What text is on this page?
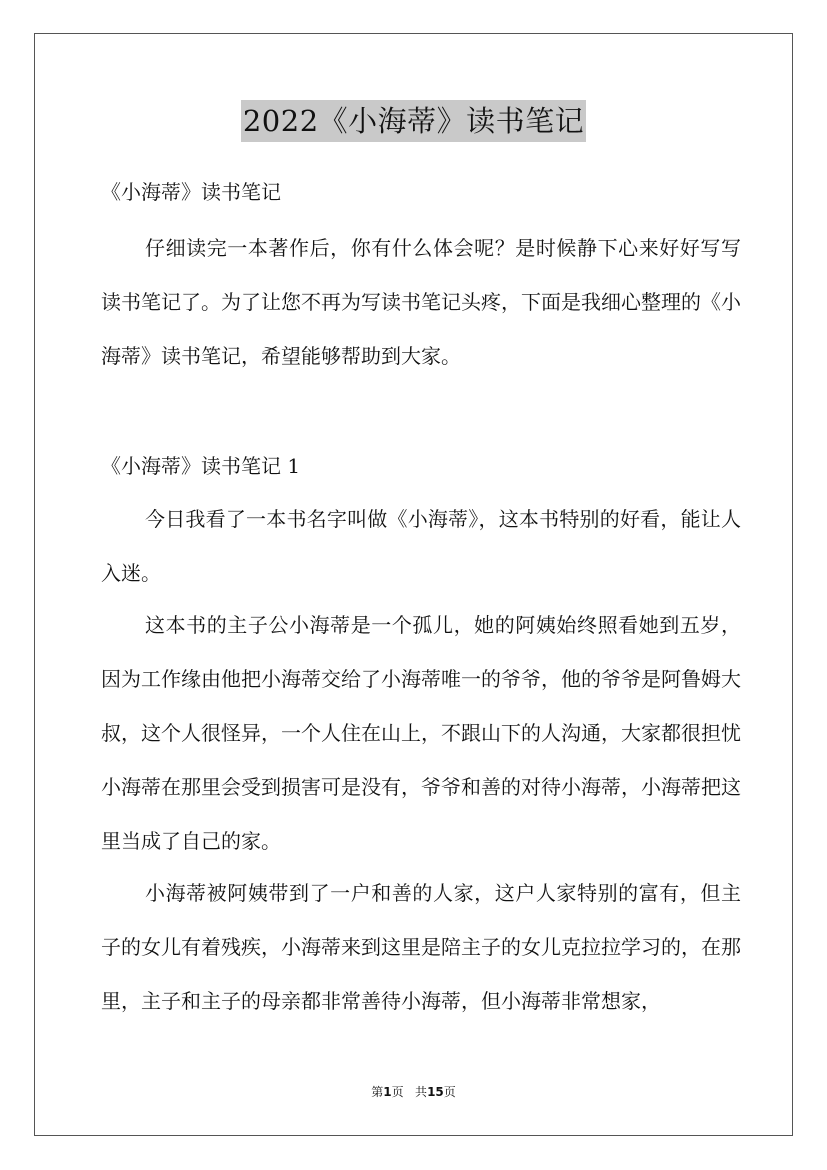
2022《小海蒂》读书笔记

《小海蒂》读书笔记

仔细读完一本著作后，你有什么体会呢？是时候静下心来好好写写读书笔记了。为了让您不再为写读书笔记头疼，下面是我细心整理的《小海蒂》读书笔记，希望能够帮助到大家。

《小海蒂》读书笔记 1

今日我看了一本书名字叫做《小海蒂》，这本书特别的好看，能让人入迷。

这本书的主子公小海蒂是一个孤儿，她的阿姨始终照看她到五岁，因为工作缘由他把小海蒂交给了小海蒂唯一的爷爷，他的爷爷是阿鲁姆大叔，这个人很怪异，一个人住在山上，不跟山下的人沟通，大家都很担忧小海蒂在那里会受到损害可是没有，爷爷和善的对待小海蒂，小海蒂把这里当成了自己的家。

小海蒂被阿姨带到了一户和善的人家，这户人家特别的富有，但主子的女儿有着残疾，小海蒂来到这里是陪主子的女儿克拉拉学习的，在那里，主子和主子的母亲都非常善待小海蒂，但小海蒂非常想家，

第1页 共15页
